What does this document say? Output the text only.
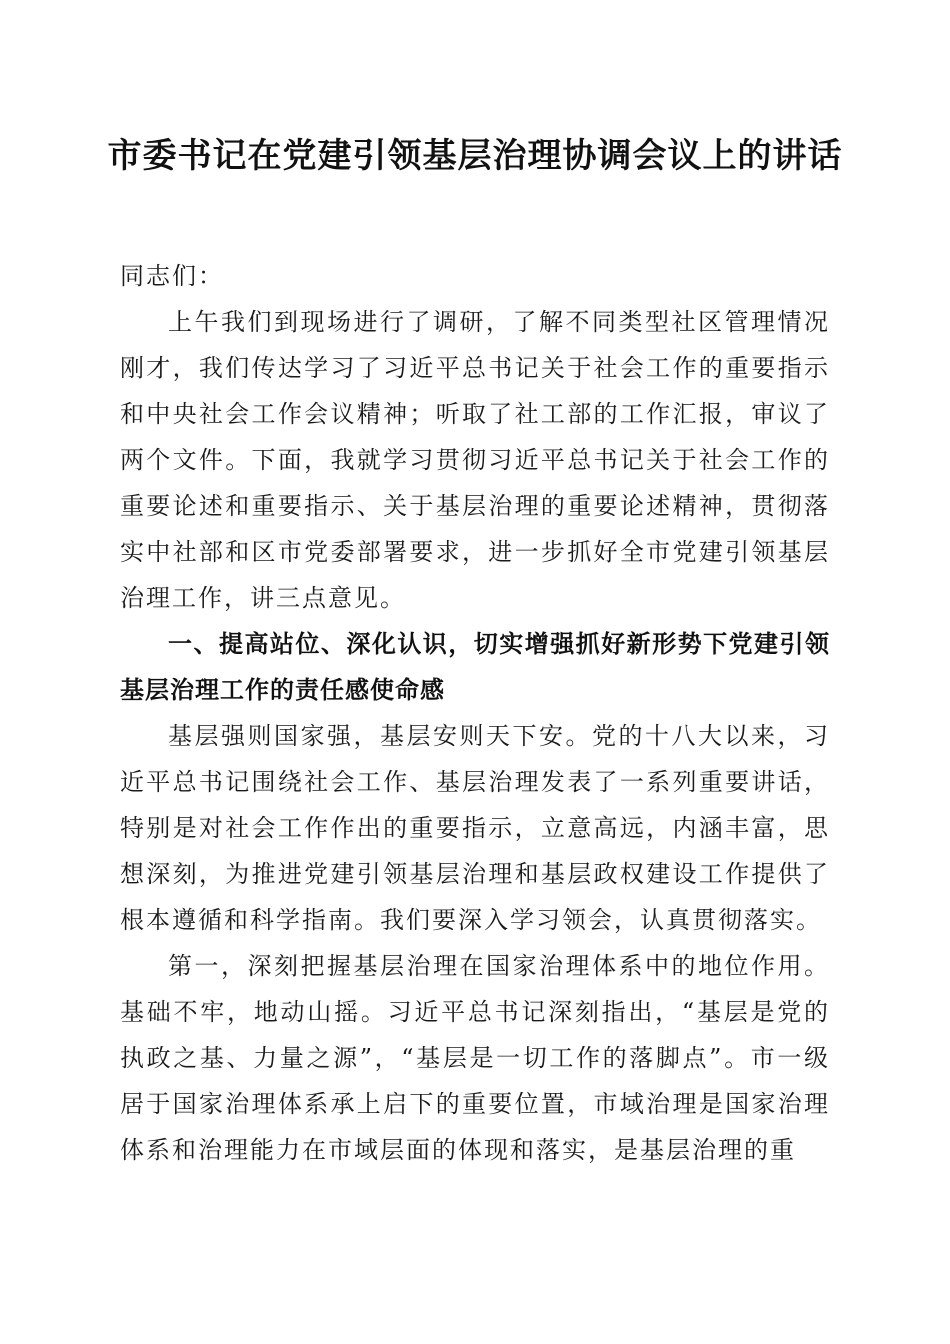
市委书记在党建引领基层治理协调会议上的讲话

同志们：

上午我们到现场进行了调研，了解不同类型社区管理情况刚才，我们传达学习了习近平总书记关于社会工作的重要指示和中央社会工作会议精神；听取了社工部的工作汇报，审议了两个文件。下面，我就学习贯彻习近平总书记关于社会工作的重要论述和重要指示、关于基层治理的重要论述精神，贯彻落实中社部和区市党委部署要求，进一步抓好全市党建引领基层治理工作，讲三点意见。

一、提高站位、深化认识，切实增强抓好新形势下党建引领基层治理工作的责任感使命感

基层强则国家强，基层安则天下安。党的十八大以来，习近平总书记围绕社会工作、基层治理发表了一系列重要讲话，特别是对社会工作作出的重要指示，立意高远，内涵丰富，思想深刻，为推进党建引领基层治理和基层政权建设工作提供了根本遵循和科学指南。我们要深入学习领会，认真贯彻落实。

第一，深刻把握基层治理在国家治理体系中的地位作用。基础不牢，地动山摇。习近平总书记深刻指出，“基层是党的执政之基、力量之源”，“基层是一切工作的落脚点”。市一级居于国家治理体系承上启下的重要位置，市域治理是国家治理体系和治理能力在市域层面的体现和落实，是基层治理的重
